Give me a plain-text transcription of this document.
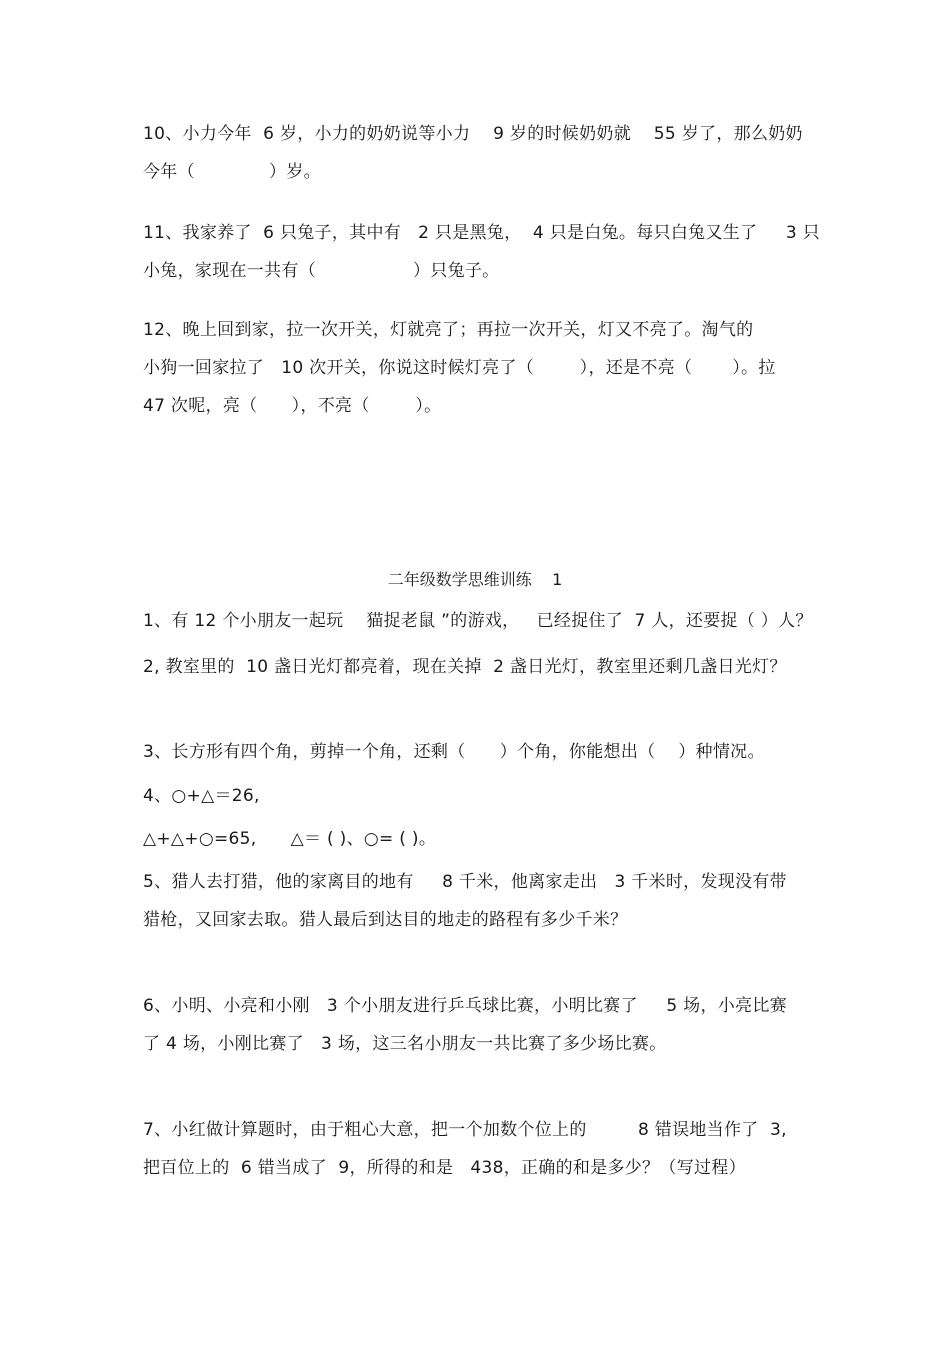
10、小力今年  6 岁，小力的奶奶说等小力    9 岁的时候奶奶就    55 岁了，那么奶奶
今年（             ）岁。
11、我家养了  6 只兔子，其中有   2 只是黑兔，  4 只是白兔。每只白兔又生了     3 只
小兔，家现在一共有（                 ）只兔子。
12、晚上回到家，拉一次开关，灯就亮了；再拉一次开关，灯又不亮了。淘气的
小狗一回家拉了   10 次开关，你说这时候灯亮了（        ），还是不亮（       ）。拉
47 次呢，亮（      ），不亮（        ）。
二年级数学思维训练    1
1、有 12 个小朋友一起玩    猫捉老鼠 ”的游戏，   已经捉住了  7 人，还要捉（ ）人？
2, 教室里的  10 盏日光灯都亮着，现在关掉  2 盏日光灯，教室里还剩几盏日光灯？
3、长方形有四个角，剪掉一个角，还剩（      ）个角，你能想出（    ）种情况。
4、○+△＝26,
△+△+○=65,      △＝ ( )、○= ( )。
5、猎人去打猎，他的家离目的地有     8 千米，他离家走出   3 千米时，发现没有带
猎枪，又回家去取。猎人最后到达目的地走的路程有多少千米？
6、小明、小亮和小刚   3 个小朋友进行乒乓球比赛，小明比赛了     5 场，小亮比赛
了 4 场，小刚比赛了   3 场，这三名小朋友一共比赛了多少场比赛。
7、小红做计算题时，由于粗心大意，把一个加数个位上的         8 错误地当作了  3,
把百位上的  6 错当成了  9，所得的和是   438，正确的和是多少？（写过程）
